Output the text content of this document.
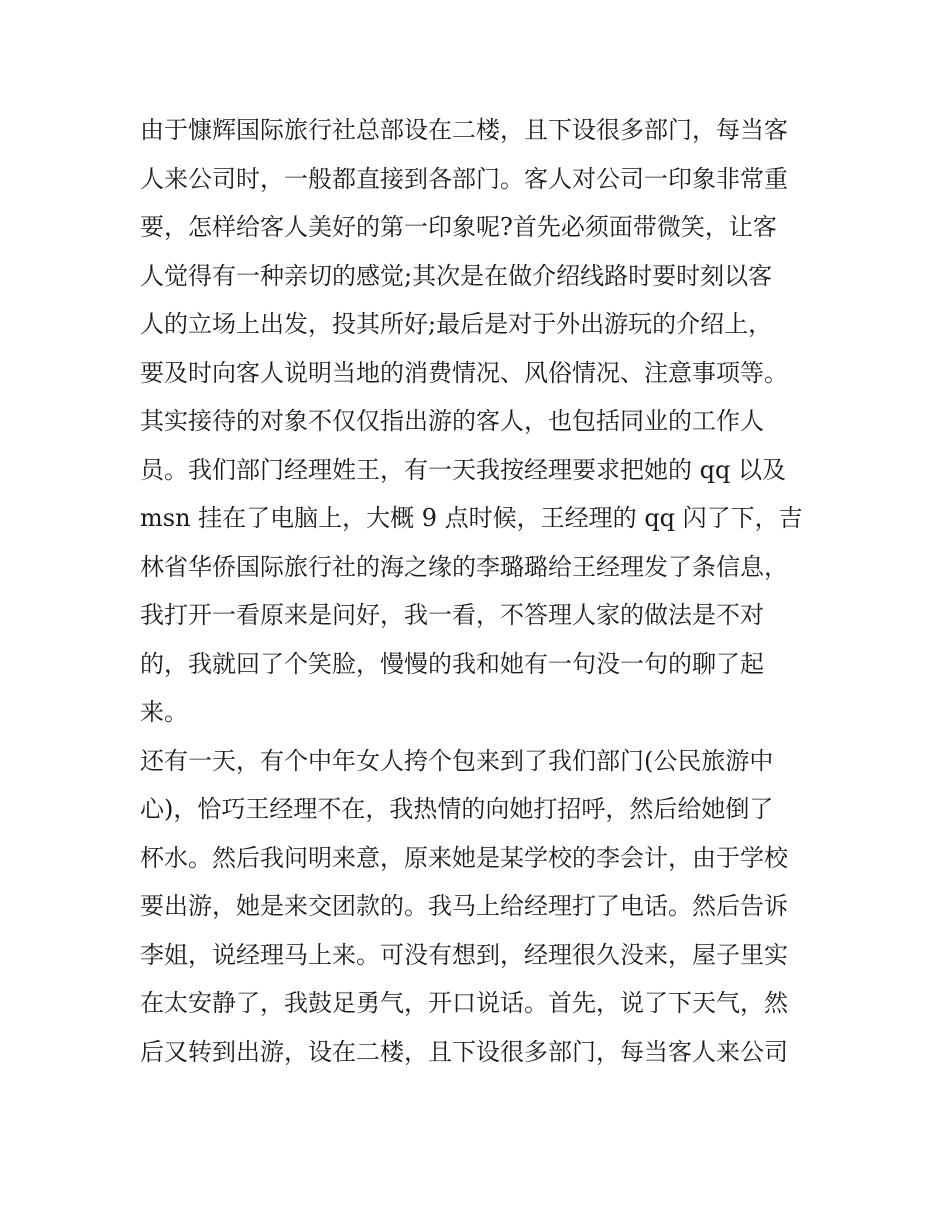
由于慷辉国际旅行社总部设在二楼，且下设很多部门，每当客
人来公司时，一般都直接到各部门。客人对公司一印象非常重
要，怎样给客人美好的第一印象呢?首先必须面带微笑，让客
人觉得有一种亲切的感觉;其次是在做介绍线路时要时刻以客
人的立场上出发，投其所好;最后是对于外出游玩的介绍上，
要及时向客人说明当地的消费情况、风俗情况、注意事项等。
其实接待的对象不仅仅指出游的客人，也包括同业的工作人
员。我们部门经理姓王，有一天我按经理要求把她的 qq 以及
msn 挂在了电脑上，大概 9 点时候，王经理的 qq 闪了下，吉
林省华侨国际旅行社的海之缘的李璐璐给王经理发了条信息，
我打开一看原来是问好，我一看，不答理人家的做法是不对
的，我就回了个笑脸，慢慢的我和她有一句没一句的聊了起
来。
还有一天，有个中年女人挎个包来到了我们部门(公民旅游中
心)，恰巧王经理不在，我热情的向她打招呼，然后给她倒了
杯水。然后我问明来意，原来她是某学校的李会计，由于学校
要出游，她是来交团款的。我马上给经理打了电话。然后告诉
李姐，说经理马上来。可没有想到，经理很久没来，屋子里实
在太安静了，我鼓足勇气，开口说话。首先，说了下天气，然
后又转到出游，设在二楼，且下设很多部门，每当客人来公司
